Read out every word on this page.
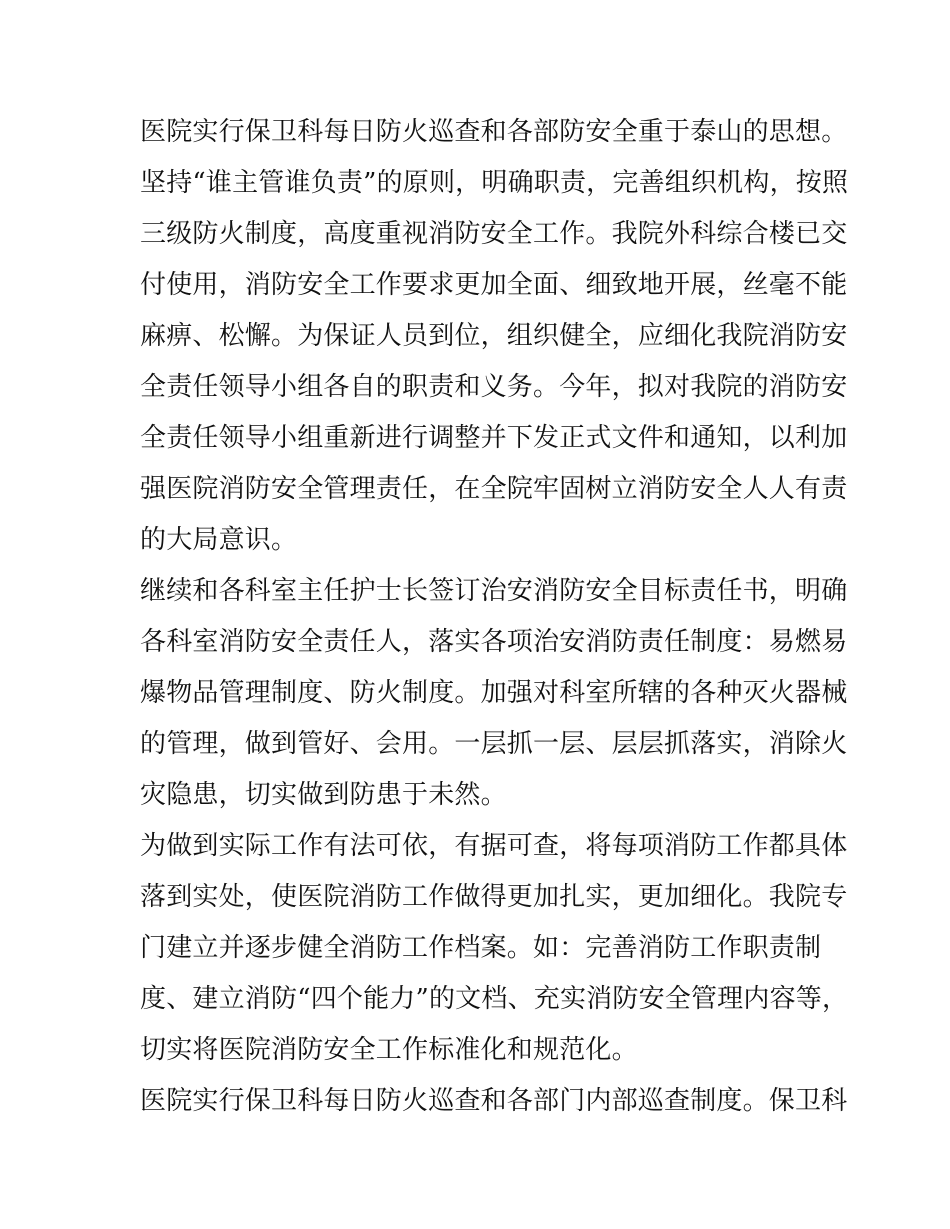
医院实行保卫科每日防火巡查和各部防安全重于泰山的思想。
坚持“谁主管谁负责”的原则，明确职责，完善组织机构，按照
三级防火制度，高度重视消防安全工作。我院外科综合楼已交
付使用，消防安全工作要求更加全面、细致地开展，丝毫不能
麻痹、松懈。为保证人员到位，组织健全，应细化我院消防安
全责任领导小组各自的职责和义务。今年，拟对我院的消防安
全责任领导小组重新进行调整并下发正式文件和通知，以利加
强医院消防安全管理责任，在全院牢固树立消防安全人人有责
的大局意识。
继续和各科室主任护士长签订治安消防安全目标责任书，明确
各科室消防安全责任人，落实各项治安消防责任制度：易燃易
爆物品管理制度、防火制度。加强对科室所辖的各种灭火器械
的管理，做到管好、会用。一层抓一层、层层抓落实，消除火
灾隐患，切实做到防患于未然。
为做到实际工作有法可依，有据可查，将每项消防工作都具体
落到实处，使医院消防工作做得更加扎实，更加细化。我院专
门建立并逐步健全消防工作档案。如：完善消防工作职责制
度、建立消防“四个能力”的文档、充实消防安全管理内容等，
切实将医院消防安全工作标准化和规范化。
医院实行保卫科每日防火巡查和各部门内部巡查制度。保卫科
